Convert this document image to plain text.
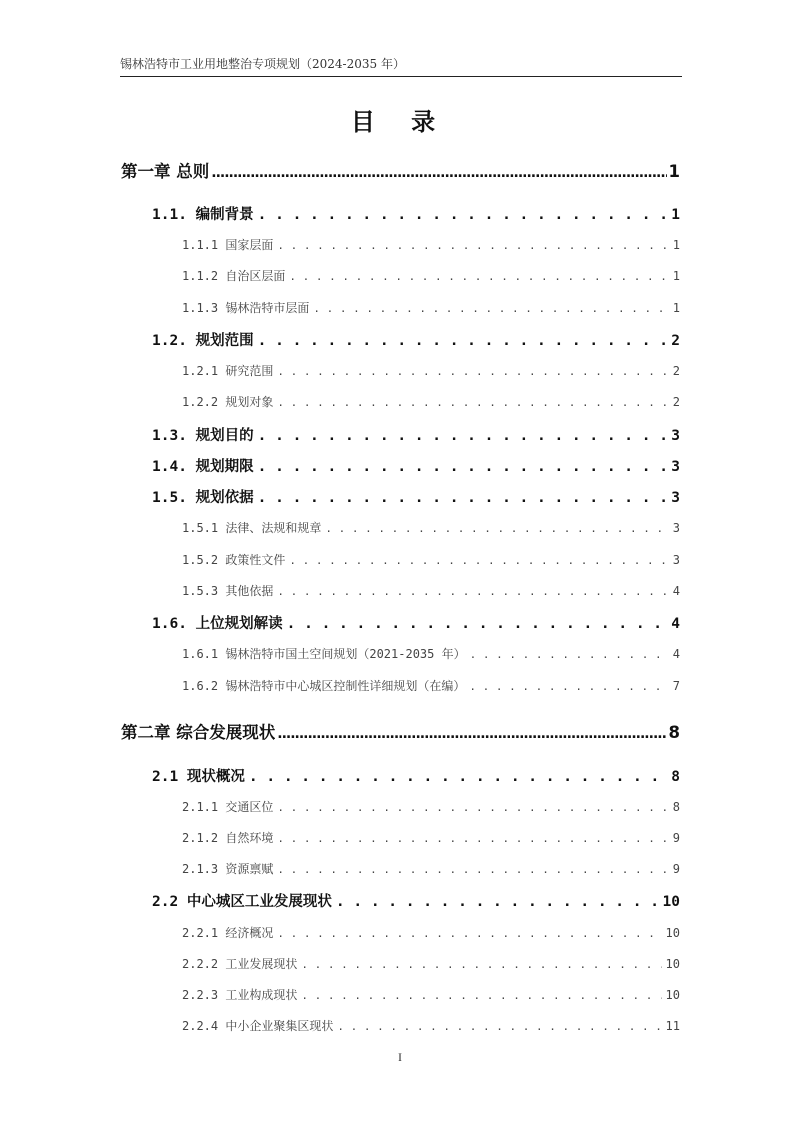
锡林浩特市工业用地整治专项规划（2024-2035 年）
目 录
第一章 总则 .....	1
1.1. 编制背景 . . .	1
1.1.1 国家层面 . . .	1
1.1.2 自治区层面 . . .	1
1.1.3 锡林浩特市层面 . . .	1
1.2. 规划范围 . . .	2
1.2.1 研究范围 . . .	2
1.2.2 规划对象 . . .	2
1.3. 规划目的 . . .	3
1.4. 规划期限 . . .	3
1.5. 规划依据 . . .	3
1.5.1 法律、法规和规章 . . .	3
1.5.2 政策性文件 . . .	3
1.5.3 其他依据 . . .	4
1.6. 上位规划解读 . . .	4
1.6.1 锡林浩特市国土空间规划（2021-2035 年） . . .	4
1.6.2 锡林浩特市中心城区控制性详细规划（在编） . . .	7
第二章 综合发展现状 .....	8
2.1 现状概况 . . .	8
2.1.1 交通区位 . . .	8
2.1.2 自然环境 . . .	9
2.1.3 资源禀赋 . . .	9
2.2 中心城区工业发展现状 . . .	10
2.2.1 经济概况 . . .	10
2.2.2 工业发展现状 . . .	10
2.2.3 工业构成现状 . . .	10
2.2.4 中小企业聚集区现状 . . .	11
I
